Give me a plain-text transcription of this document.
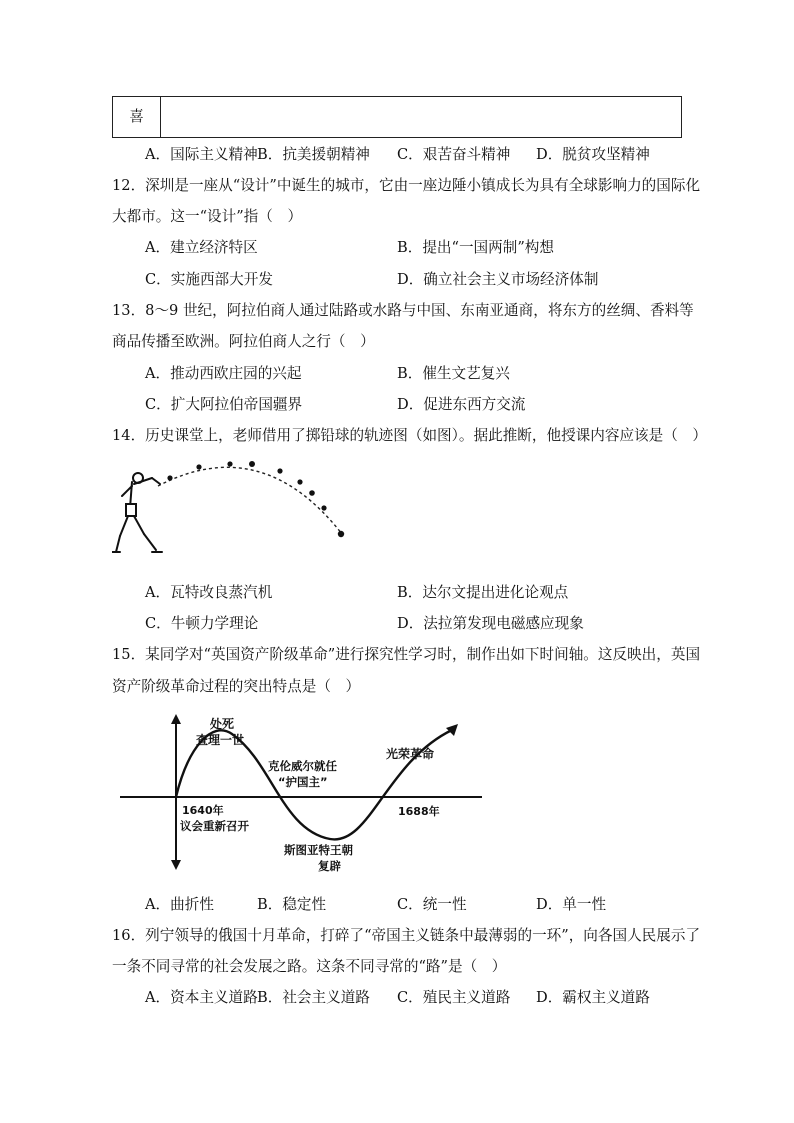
喜
A．国际主义精神 B．抗美援朝精神 C．艰苦奋斗精神 D．脱贫攻坚精神
12．深圳是一座从“设计”中诞生的城市，它由一座边陲小镇成长为具有全球影响力的国际化
大都市。这一“设计”指（　）
A．建立经济特区	B．提出“一国两制”构想
C．实施西部大开发	D．确立社会主义市场经济体制
13．8～9 世纪，阿拉伯商人通过陆路或水路与中国、东南亚通商，将东方的丝绸、香料等
商品传播至欧洲。阿拉伯商人之行（　）
A．推动西欧庄园的兴起	B．催生文艺复兴
C．扩大阿拉伯帝国疆界	D．促进东西方交流
14．历史课堂上，老师借用了掷铅球的轨迹图（如图）。据此推断，他授课内容应该是（　）
A．瓦特改良蒸汽机	B．达尔文提出进化论观点
C．牛顿力学理论	D．法拉第发现电磁感应现象
15．某同学对“英国资产阶级革命”进行探究性学习时，制作出如下时间轴。这反映出，英国
资产阶级革命过程的突出特点是（　）
处死
查理一世
克伦威尔就任
“护国主”
光荣革命
1640年
议会重新召开
1688年
斯图亚特王朝
复辟
A．曲折性	B．稳定性	C．统一性	D．单一性
16．列宁领导的俄国十月革命，打碎了“帝国主义链条中最薄弱的一环”，向各国人民展示了
一条不同寻常的社会发展之路。这条不同寻常的“路”是（　）
A．资本主义道路 B．社会主义道路 C．殖民主义道路 D．霸权主义道路
